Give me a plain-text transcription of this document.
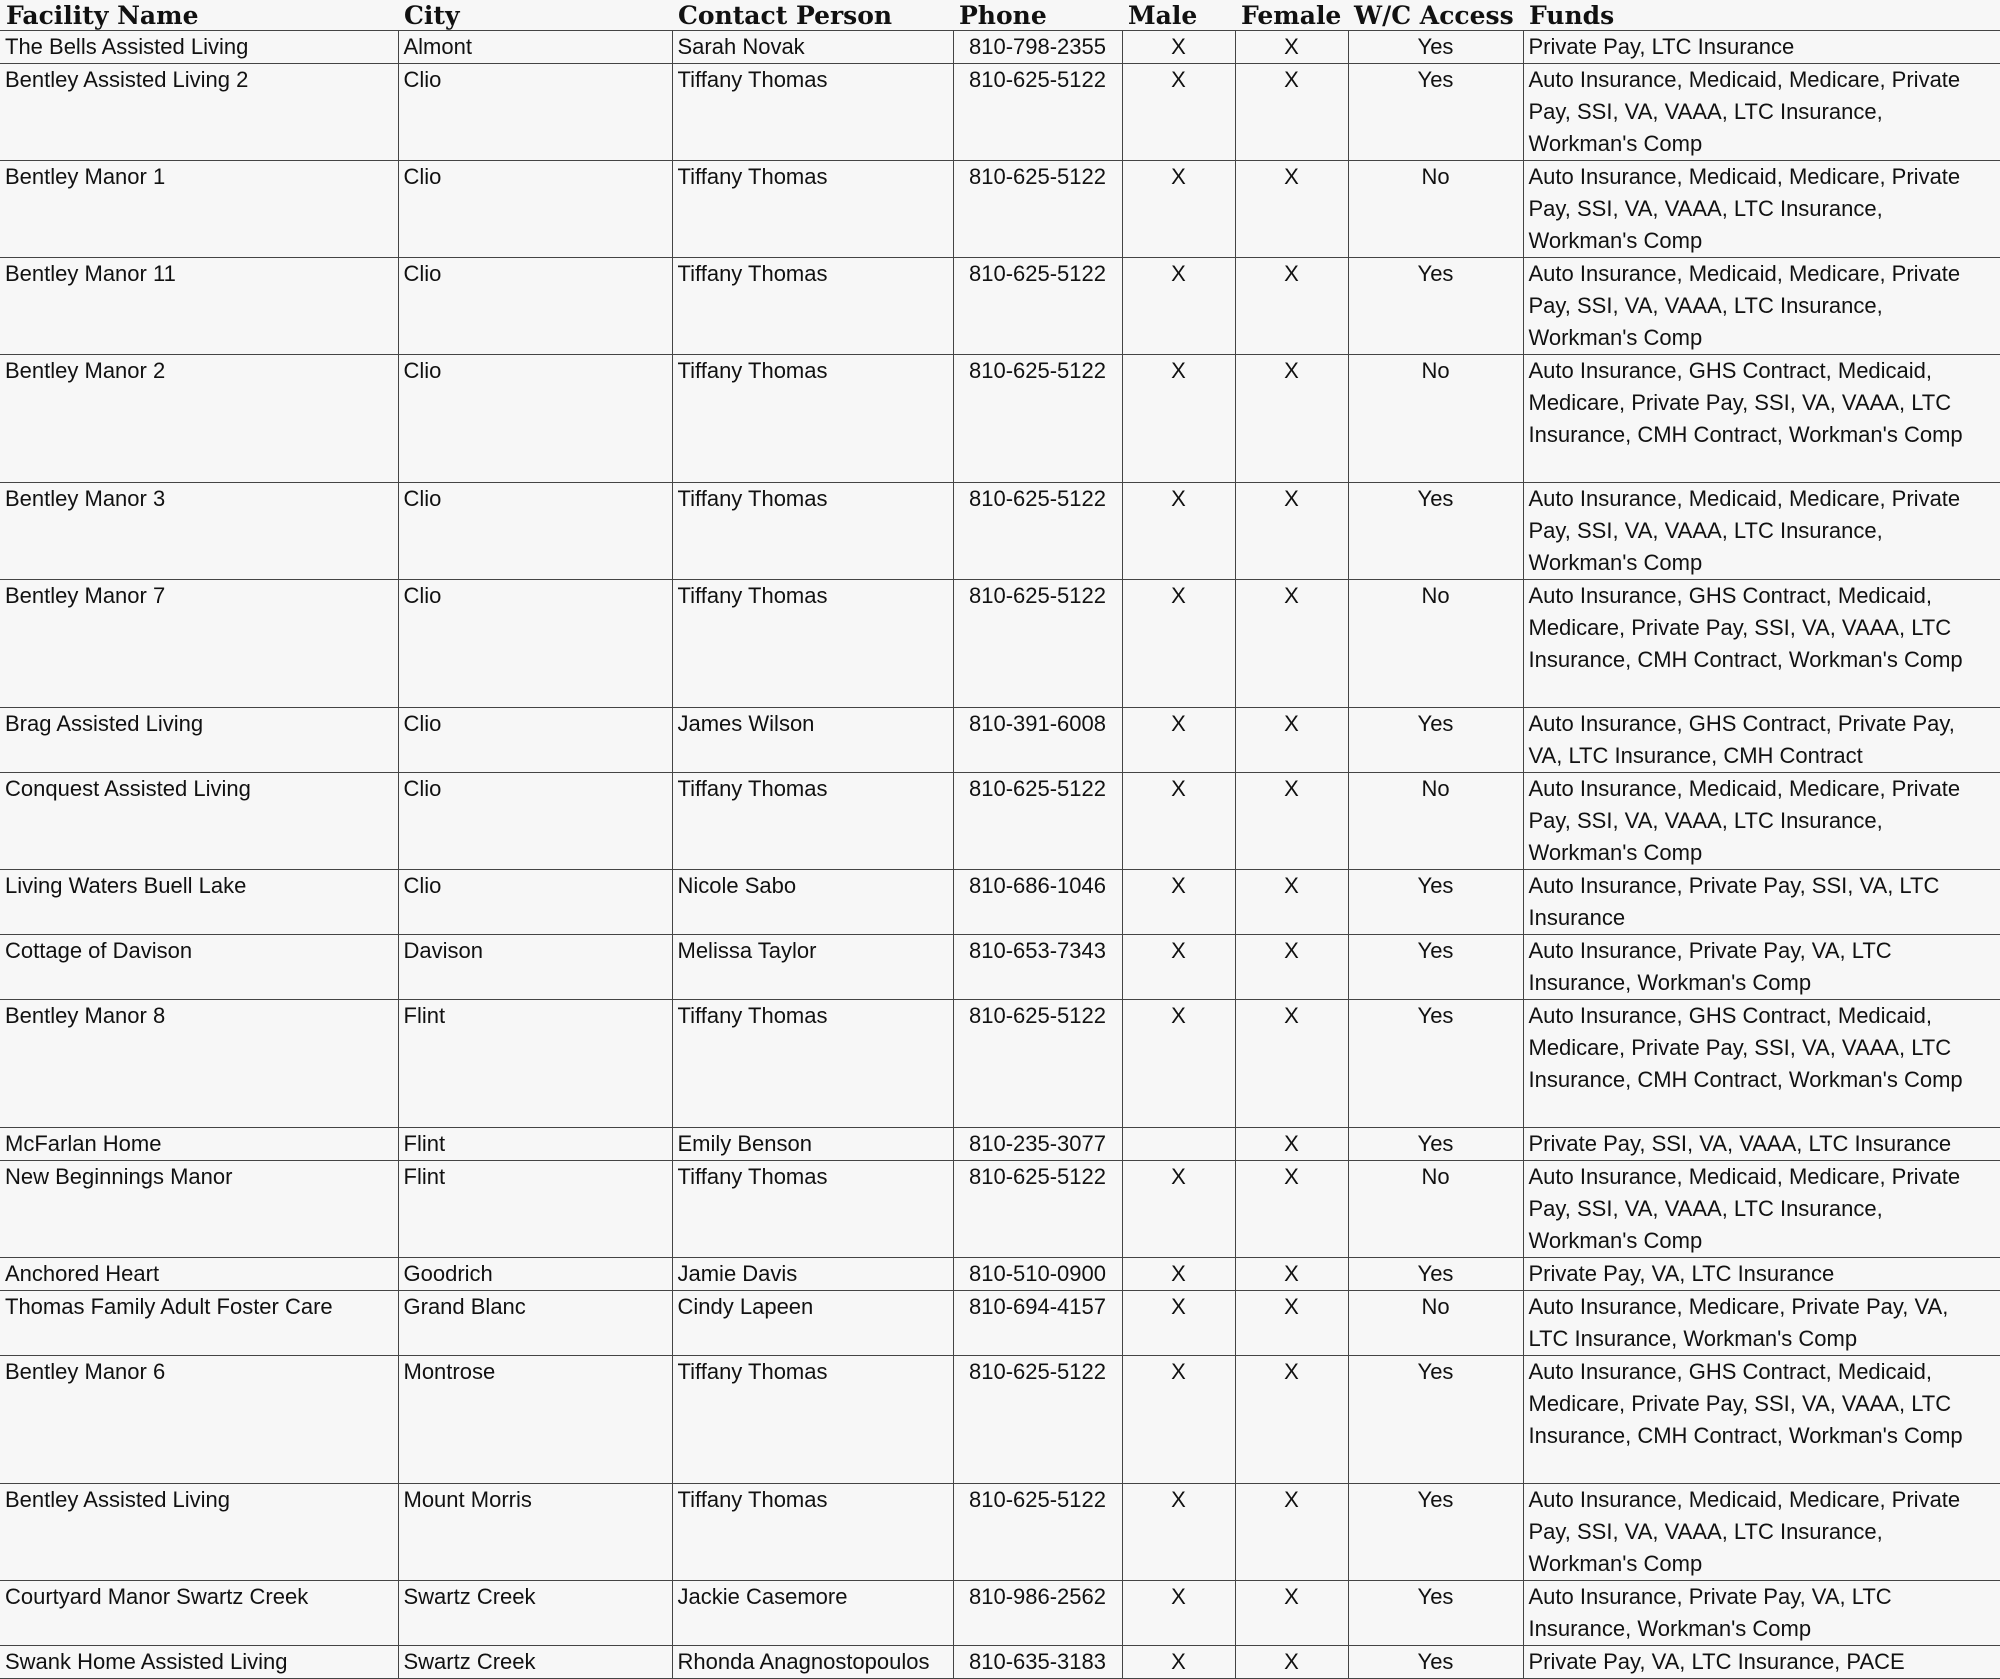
Facility Name	City	Contact Person	Phone	Male	Female	W/C Access	Funds
The Bells Assisted Living	Almont	Sarah Novak	810-798-2355	X	X	Yes	Private Pay, LTC Insurance
Bentley Assisted Living 2	Clio	Tiffany Thomas	810-625-5122	X	X	Yes	Auto Insurance, Medicaid, Medicare, Private Pay, SSI, VA, VAAA, LTC Insurance, Workman's Comp
Bentley Manor 1	Clio	Tiffany Thomas	810-625-5122	X	X	No	Auto Insurance, Medicaid, Medicare, Private Pay, SSI, VA, VAAA, LTC Insurance, Workman's Comp
Bentley Manor 11	Clio	Tiffany Thomas	810-625-5122	X	X	Yes	Auto Insurance, Medicaid, Medicare, Private Pay, SSI, VA, VAAA, LTC Insurance, Workman's Comp
Bentley Manor 2	Clio	Tiffany Thomas	810-625-5122	X	X	No	Auto Insurance, GHS Contract, Medicaid, Medicare, Private Pay, SSI, VA, VAAA, LTC Insurance, CMH Contract, Workman's Comp
Bentley Manor 3	Clio	Tiffany Thomas	810-625-5122	X	X	Yes	Auto Insurance, Medicaid, Medicare, Private Pay, SSI, VA, VAAA, LTC Insurance, Workman's Comp
Bentley Manor 7	Clio	Tiffany Thomas	810-625-5122	X	X	No	Auto Insurance, GHS Contract, Medicaid, Medicare, Private Pay, SSI, VA, VAAA, LTC Insurance, CMH Contract, Workman's Comp
Brag Assisted Living	Clio	James Wilson	810-391-6008	X	X	Yes	Auto Insurance, GHS Contract, Private Pay, VA, LTC Insurance, CMH Contract
Conquest Assisted Living	Clio	Tiffany Thomas	810-625-5122	X	X	No	Auto Insurance, Medicaid, Medicare, Private Pay, SSI, VA, VAAA, LTC Insurance, Workman's Comp
Living Waters Buell Lake	Clio	Nicole Sabo	810-686-1046	X	X	Yes	Auto Insurance, Private Pay, SSI, VA, LTC Insurance
Cottage of Davison	Davison	Melissa Taylor	810-653-7343	X	X	Yes	Auto Insurance, Private Pay, VA, LTC Insurance, Workman's Comp
Bentley Manor 8	Flint	Tiffany Thomas	810-625-5122	X	X	Yes	Auto Insurance, GHS Contract, Medicaid, Medicare, Private Pay, SSI, VA, VAAA, LTC Insurance, CMH Contract, Workman's Comp
McFarlan Home	Flint	Emily Benson	810-235-3077		X	Yes	Private Pay, SSI, VA, VAAA, LTC Insurance
New Beginnings Manor	Flint	Tiffany Thomas	810-625-5122	X	X	No	Auto Insurance, Medicaid, Medicare, Private Pay, SSI, VA, VAAA, LTC Insurance, Workman's Comp
Anchored Heart	Goodrich	Jamie Davis	810-510-0900	X	X	Yes	Private Pay, VA, LTC Insurance
Thomas Family Adult Foster Care	Grand Blanc	Cindy Lapeen	810-694-4157	X	X	No	Auto Insurance, Medicare, Private Pay, VA, LTC Insurance, Workman's Comp
Bentley Manor 6	Montrose	Tiffany Thomas	810-625-5122	X	X	Yes	Auto Insurance, GHS Contract, Medicaid, Medicare, Private Pay, SSI, VA, VAAA, LTC Insurance, CMH Contract, Workman's Comp
Bentley Assisted Living	Mount Morris	Tiffany Thomas	810-625-5122	X	X	Yes	Auto Insurance, Medicaid, Medicare, Private Pay, SSI, VA, VAAA, LTC Insurance, Workman's Comp
Courtyard Manor Swartz Creek	Swartz Creek	Jackie Casemore	810-986-2562	X	X	Yes	Auto Insurance, Private Pay, VA, LTC Insurance, Workman's Comp
Swank Home Assisted Living	Swartz Creek	Rhonda Anagnostopoulos	810-635-3183	X	X	Yes	Private Pay, VA, LTC Insurance, PACE
